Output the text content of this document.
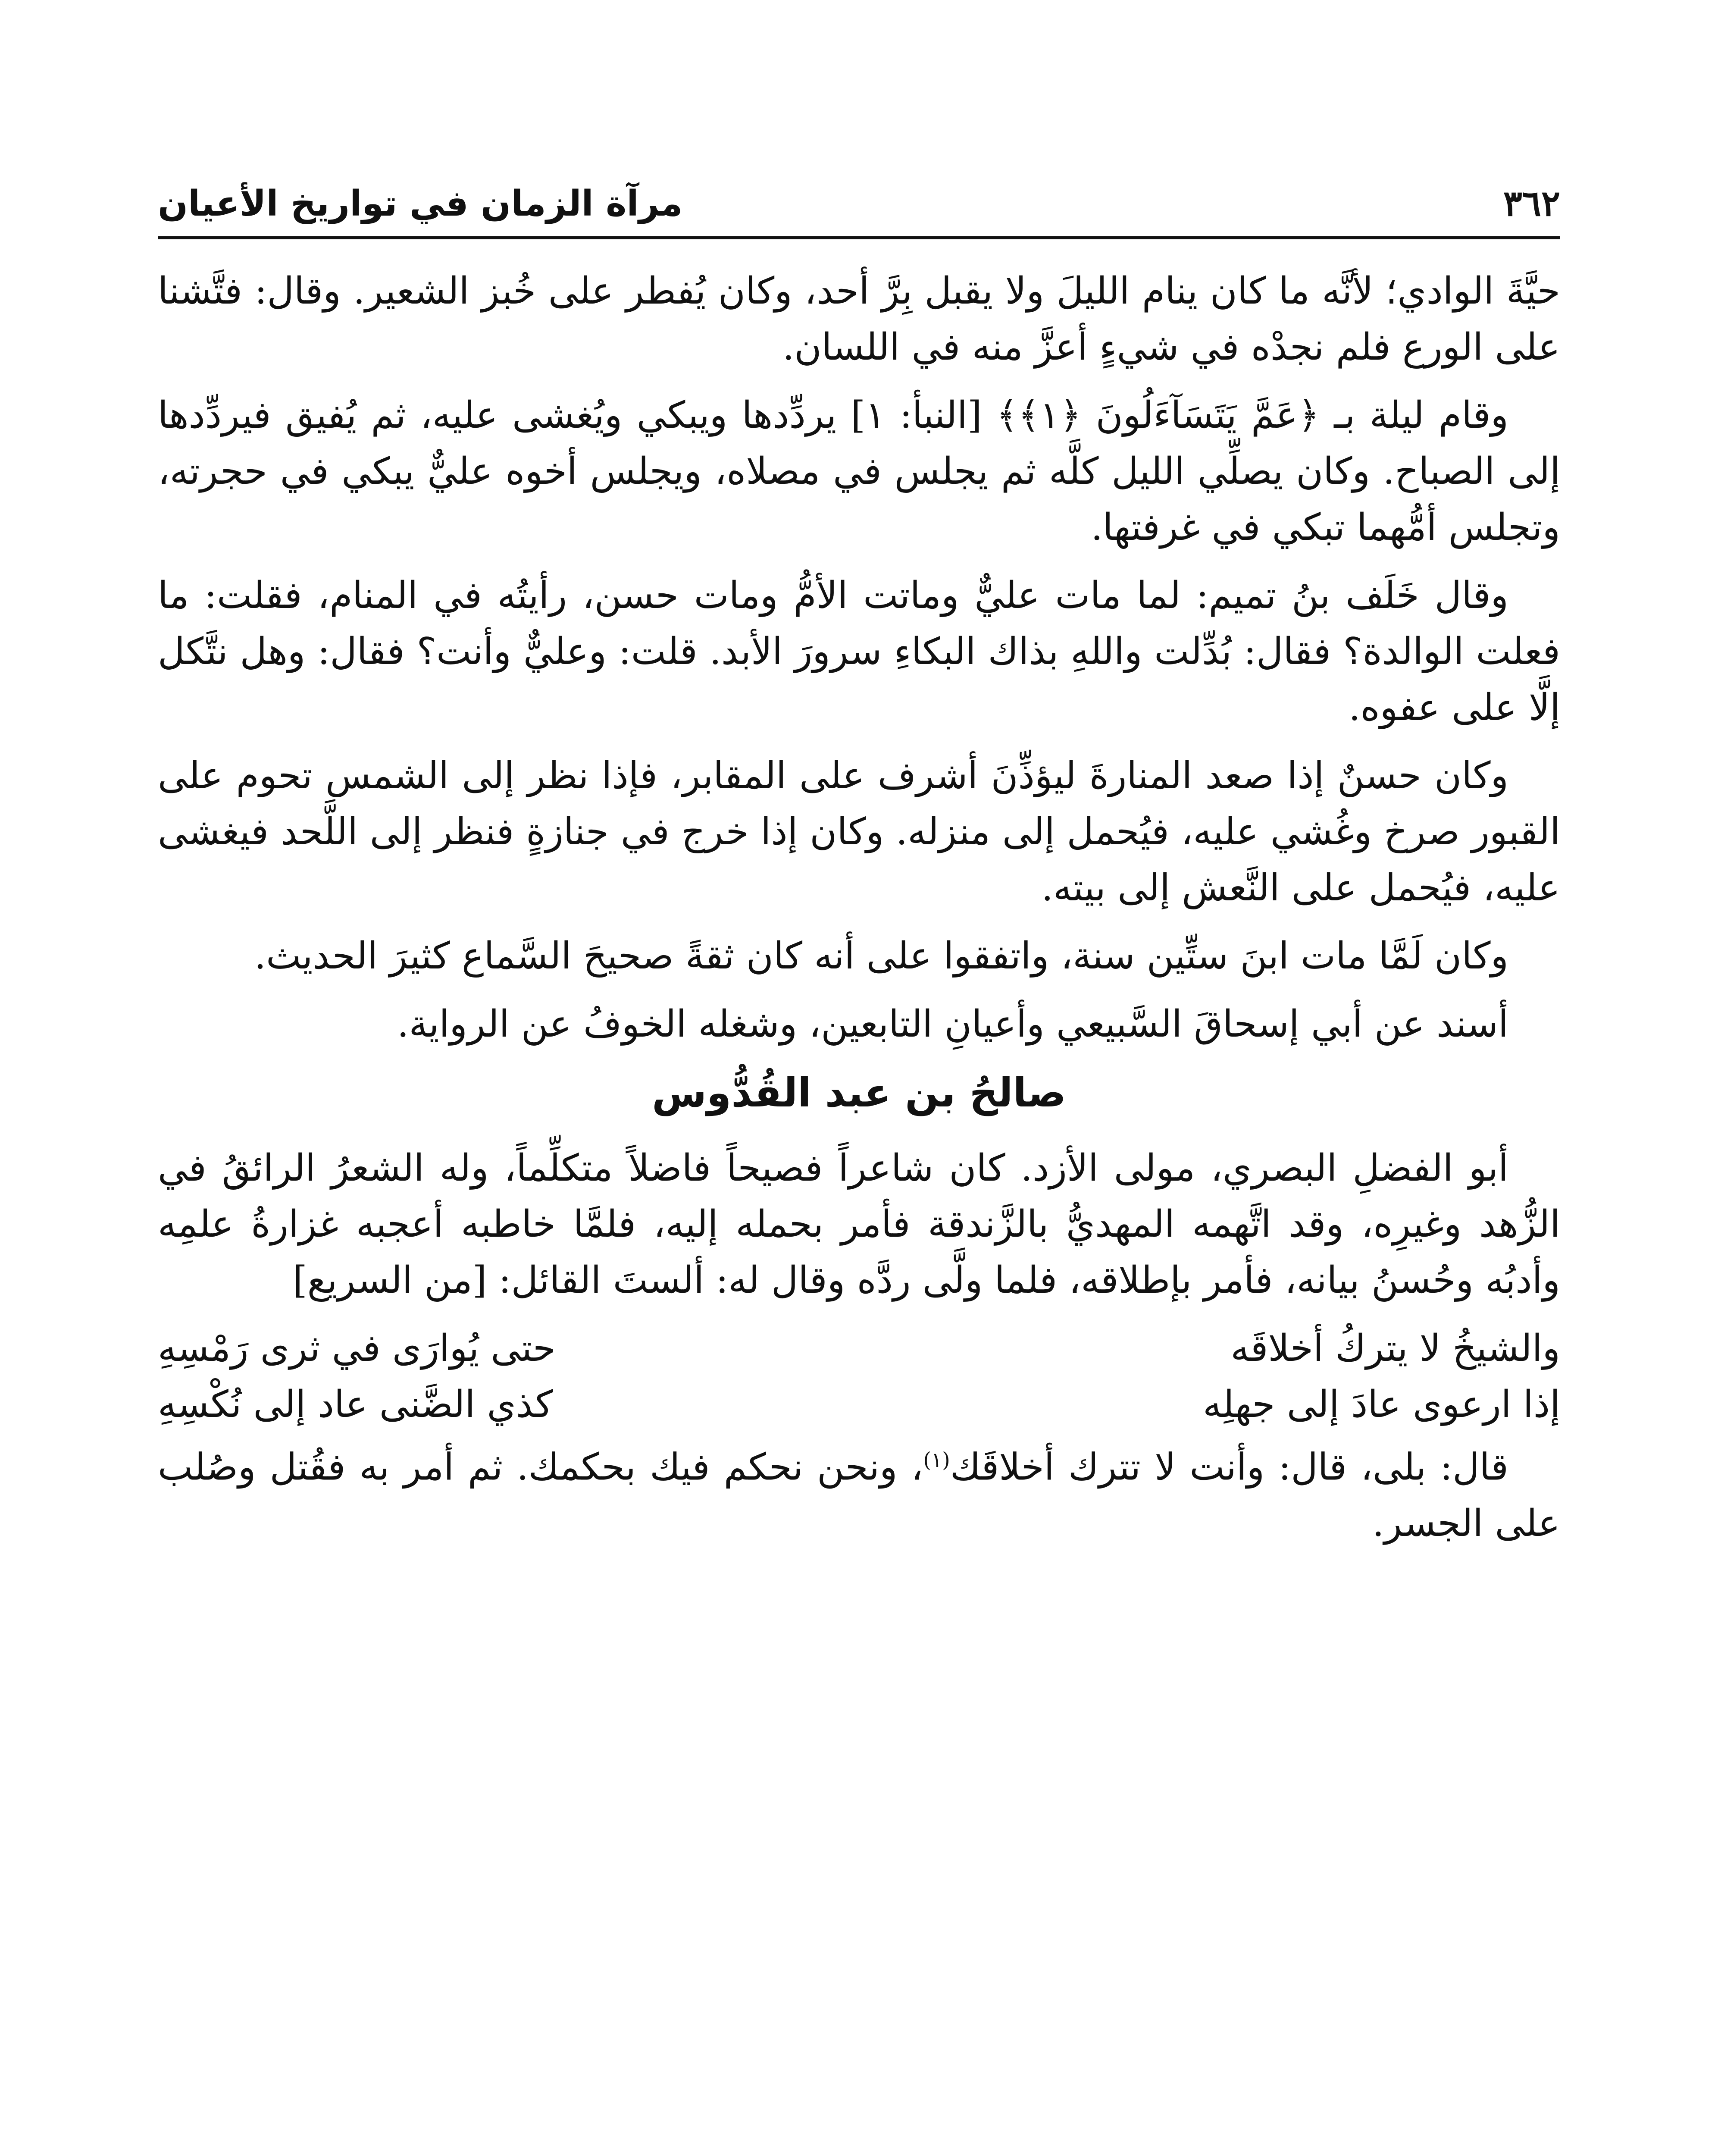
٣٦٢
مرآة الزمان في تواريخ الأعيان

حيَّةَ الوادي؛ لأنَّه ما كان ينام الليلَ ولا يقبل بِرَّ أحد، وكان يُفطر على خُبز الشعير. وقال: فتَّشنا على الورع فلم نجدْه في شيءٍ أعزَّ منه في اللسان.

وقام ليلة بـ ﴿عَمَّ يَتَسَآءَلُونَ ﴿١﴾﴾ [النبأ: ١] يردِّدها ويبكي ويُغشى عليه، ثم يُفيق فيردِّدها إلى الصباح. وكان يصلِّي الليل كلَّه ثم يجلس في مصلاه، ويجلس أخوه عليٌّ يبكي في حجرته، وتجلس أمُّهما تبكي في غرفتها.

وقال خَلَف بنُ تميم: لما مات عليٌّ وماتت الأمُّ ومات حسن، رأيتُه في المنام، فقلت: ما فعلت الوالدة؟ فقال: بُدِّلت واللهِ بذاك البكاءِ سرورَ الأبد. قلت: وعليٌّ وأنت؟ فقال: وهل نتَّكل إلَّا على عفوه.

وكان حسنٌ إذا صعد المنارةَ ليؤذِّنَ أشرف على المقابر، فإذا نظر إلى الشمس تحوم على القبور صرخ وغُشي عليه، فيُحمل إلى منزله. وكان إذا خرج في جنازةٍ فنظر إلى اللَّحد فيغشى عليه، فيُحمل على النَّعش إلى بيته.

وكان لَمَّا مات ابنَ ستِّين سنة، واتفقوا على أنه كان ثقةً صحيحَ السَّماع كثيرَ الحديث.

أسند عن أبي إسحاقَ السَّبيعي وأعيانِ التابعين، وشغله الخوفُ عن الرواية.

صالحُ بن عبد القُدُّوس

أبو الفضلِ البصري، مولى الأزد. كان شاعراً فصيحاً فاضلاً متكلِّماً، وله الشعرُ الرائقُ في الزُّهد وغيرِه، وقد اتَّهمه المهديُّ بالزَّندقة فأمر بحمله إليه، فلمَّا خاطبه أعجبه غزارةُ علمِه وأدبُه وحُسنُ بيانه، فأمر بإطلاقه، فلما ولَّى ردَّه وقال له: ألستَ القائل: [من السريع]

والشيخُ لا يتركُ أخلاقَه
حتى يُوارَى في ثرى رَمْسِهِ
إذا ارعوى عادَ إلى جهلِه
كذي الضَّنى عاد إلى نُكْسِهِ

قال: بلى، قال: وأنت لا تترك أخلاقَك$^{(١)}$، ونحن نحكم فيك بحكمك. ثم أمر به فقُتل وصُلب على الجسر.
